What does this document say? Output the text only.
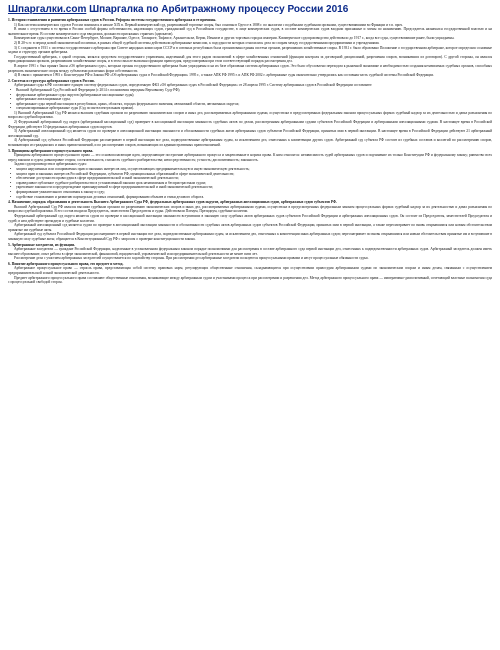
Шпаргалки.com Шпаргалка по Арбитражному процессу России 2016

1. История становления и развития арбитражных судов в России. Реформа системы государственного арбитража и ее причины.

1) Как система коммерческих судов в России появилась в начале XIX в. Первый коммерческий суд, разрешавший торговые споры, был основан в Одессе в 1808 г. по аналогии с подобными судебными органами, существовавшими во Франции и т.п. проч.

В связи с отсутствием в то время в России особой формы собственности, надлежащих судов, гражданский суд в Российском государстве, в лице коммерческих судов, в составе коммерческих судов входили присяжные и члены по назначению. Председатель назначался государственной властью и на значительное время. В составе коммерческого суда вводились должности присяжных стряпчих (адвокатов).

Коммерческие суды существовали в Санкт-Петербурге, Москве, Варшаве, Одессе, Таганроге, Тифлисе, Архангельске, Керчи, Измаиле и других торговых городах империи. Коммерческое судопроизводство действовало до 1917 г., когда все суды, существовавшие ранее, были упразднены.

2) В 20-х гг. в период новой экономической политики, в рамках общей судебной системы действовали арбитражные комиссии, к подсудности которых относились дела по спорам между государственными предприятиями и учреждениями.

3) С созданием в 1931 г. системы государственного арбитража при Совете народных комиссаров СССР и в союзных республиках была организована единая система органов, разрешавших хозяйственные споры. В 1931 г. было образовано Положение о государственном арбитраже, которое определило основные задачи и структуру органов арбитража.

Государственный арбитраж, с одной стороны, являлся средством государственного управления, наделенный для этого рядом полномочий в сфере хозяйственных отношений (функции контроля за договорной дисциплиной, разрешения споров, возникавших из договоров). С другой стороны, он являлся юрисдикционным органом, разрешавшим хозяйственные споры, и в этом смысле выполнял функции правосудия, предусматривая при этом соответствующий порядок рассмотрения дел.

В апреле 1991 г. был принят Закон «Об арбитражном суде», которым органы государственного арбитража были упразднены и на их базе образована система арбитражных судов. Это было обусловлено переходом к рыночной экономике и необходимостью создания независимых судебных органов, способных разрешать экономические споры между субъектами различных форм собственности.

4) В связи с принятием в 1993 г. Конституции РФ и Закона РФ «Об арбитражных судах в Российской Федерации» 1995 г., а также АПК РФ 1995 г. и АПК РФ 2002 г. арбитражные суды окончательно утвердились как составная часть судебной системы Российской Федерации.

2. Система и структура арбитражных судов в России.

Арбитражные суды в РФ составляют единую систему федеральных судов, определенную ФКЗ «Об арбитражных судах в Российской Федерации» от 28 апреля 1995 г. Систему арбитражных судов в Российской Федерации составляют:

• Высший Арбитражный Суд Российской Федерации (с 2014 г. полномочия переданы Верховному Суду РФ);

• федеральные арбитражные суды округов (арбитражные кассационные суды);

• арбитражные апелляционные суды;

• арбитражные суды первой инстанции в республиках, краях, областях, городах федерального значения, автономной области, автономных округах;

• специализированные арбитражные суды (Суд по интеллектуальным правам).

1) Высший Арбитражный Суд РФ являлся высшим судебным органом по разрешению экономических споров и иных дел, рассматриваемых арбитражными судами, осуществлял в предусмотренных федеральным законом процессуальных формах судебный надзор за их деятельностью и давал разъяснения по вопросам судебной практики.

2) Федеральный арбитражный суд округа (арбитражный кассационный суд) проверяет в кассационной инстанции законность судебных актов по делам, рассмотренным арбитражными судами субъектов Российской Федерации и арбитражными апелляционными судами. В настоящее время в Российской Федерации действуют 10 федеральных арбитражных судов округов.

3) Арбитражный апелляционный суд является судом по проверке в апелляционной инстанции законности и обоснованности судебных актов арбитражных судов субъектов Российской Федерации, принятых ими в первой инстанции. В настоящее время в Российской Федерации действуют 21 арбитражный апелляционный суд.

4) Арбитражный суд субъекта Российской Федерации рассматривает в первой инстанции все дела, подведомственные арбитражным судам, за исключением дел, отнесенных к компетенции других судов. Арбитражный суд субъекта РФ состоит из судебных составов и коллегий по рассмотрению споров, возникающих из гражданских и иных правоотношений, и по рассмотрению споров, возникающих из административных правоотношений.

3. Принципы арбитражного процессуального права.

Принципы арбитражного процессуального права — это основополагающие идеи, определяющие построение арбитражного процесса и закрепленные в нормах права. К ним относятся: независимость судей арбитражных судов и подчинение их только Конституции РФ и федеральному закону; равенство всех перед законом и судом; равноправие сторон; состязательность; гласность судебного разбирательства; непосредственность; устность; диспозитивность; законность.

Задачи судопроизводства в арбитражных судах:

• защита нарушенных или оспариваемых прав и законных интересов лиц, осуществляющих предпринимательскую и иную экономическую деятельность;

• защита прав и законных интересов Российской Федерации, субъектов РФ, муниципальных образований в сфере экономической деятельности;

• обеспечение доступности правосудия в сфере предпринимательской и иной экономической деятельности;

• справедливое публичное судебное разбирательство в установленный законом срок независимым и беспристрастным судом;

• укрепление законности и предупреждение правонарушений в сфере предпринимательской и иной экономической деятельности;

• формирование уважительного отношения к закону и суду;

• содействие становлению и развитию партнерских деловых отношений, формированию обычаев и этики делового оборота.

4. Назначение, порядок образования и деятельность Высшего Арбитражного Суда РФ, федеральных арбитражных судов округов, арбитражных апелляционных судов, арбитражных судов субъектов РФ.

Высший Арбитражный Суд РФ являлся высшим судебным органом по разрешению экономических споров и иных дел, рассматриваемых арбитражными судами, осуществлял в предусмотренных федеральным законом процессуальных формах судебный надзор за их деятельностью и давал разъяснения по вопросам судебной практики. В его состав входили Председатель, заместители Председателя и судьи. Действовали Пленум, Президиум, судебные коллегии.

Федеральный арбитражный суд округа является судом по проверке в кассационной инстанции законности вступивших в законную силу судебных актов арбитражных судов субъектов Российской Федерации и арбитражных апелляционных судов. Он состоит из Председателя, заместителей Председателя и судей; в нем действуют президиум и судебные коллегии.

Арбитражный апелляционный суд является судом по проверке в апелляционной инстанции законности и обоснованности судебных актов арбитражных судов субъектов Российской Федерации, принятых ими в первой инстанции, а также пересматривает по вновь открывшимся или новым обстоятельствам принятые им судебные акты.

Арбитражный суд субъекта Российской Федерации рассматривает в первой инстанции все дела, подведомственные арбитражным судам, за исключением дел, отнесенных к компетенции иных арбитражных судов; пересматривает по вновь открывшимся или новым обстоятельствам принятые им и вступившие в законную силу судебные акты; обращается в Конституционный Суд РФ с запросом о проверке конституционности закона.

5. Арбитражные заседатели, их функции.

Арбитражные заседатели — граждане Российской Федерации, наделенные в установленном федеральным законом порядке полномочиями для рассмотрения в составе арбитражного суда первой инстанции дел, отнесенных к подведомственности арбитражных судов. Арбитражный заседатель должен иметь высшее образование, опыт работы в сфере экономической, финансовой, юридической, управленческой или предпринимательской деятельности не менее пяти лет.

Рассмотрение дела с участием арбитражных заседателей осуществляется по ходатайству стороны. При рассмотрении дел арбитражные заседатели пользуются процессуальными правами и несут процессуальные обязанности судьи.

6. Понятие арбитражного процессуального права, его предмет и метод.

Арбитражное процессуальное право — отрасль права, представляющая собой систему правовых норм, регулирующих общественные отношения, складывающиеся при осуществлении правосудия арбитражными судами по экономическим спорам и иным делам, связанным с осуществлением предпринимательской и иной экономической деятельности.

Предмет арбитражного процессуального права составляют общественные отношения, возникающие между арбитражным судом и участниками процесса при рассмотрении и разрешении дел. Метод арбитражного процессуального права — императивно-диспозитивный, сочетающий властные полномочия суда с процессуальной свободой сторон.
